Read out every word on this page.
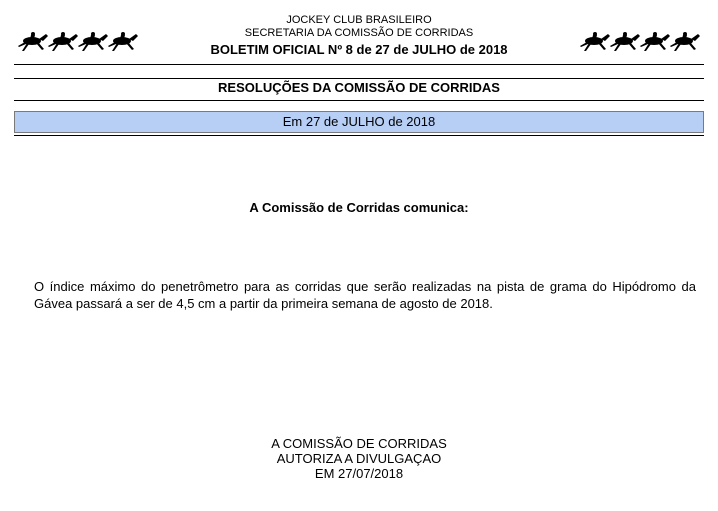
JOCKEY CLUB BRASILEIRO
SECRETARIA DA COMISSÃO DE CORRIDAS
BOLETIM OFICIAL Nº 8 de 27 de JULHO de 2018
RESOLUÇÕES DA COMISSÃO DE CORRIDAS
Em 27 de JULHO de 2018
A Comissão de Corridas comunica:
O índice máximo do penetrômetro para as corridas que serão realizadas na pista de grama do Hipódromo da Gávea passará a ser de 4,5 cm a partir da primeira semana de agosto de 2018.
A COMISSÃO DE CORRIDAS
AUTORIZA A DIVULGAÇAO
EM 27/07/2018
